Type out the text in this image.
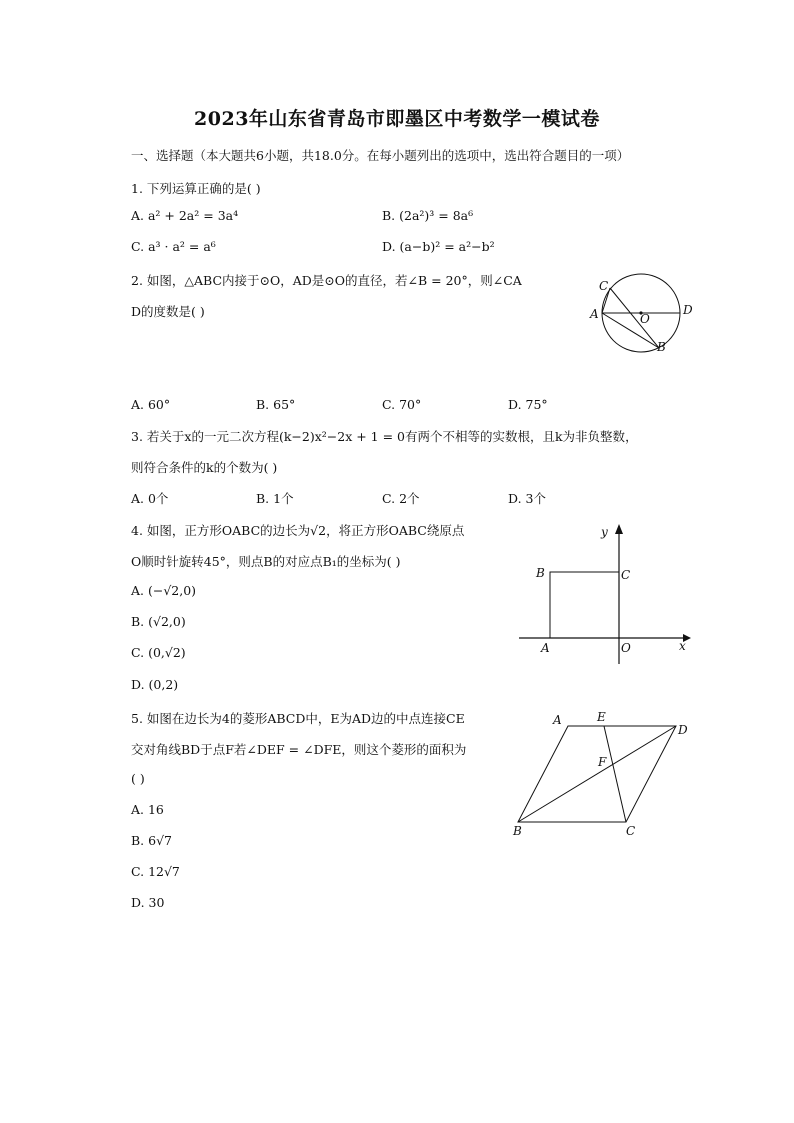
2023年山东省青岛市即墨区中考数学一模试卷
一、选择题（本大题共6小题，共18.0分。在每小题列出的选项中，选出符合题目的一项）
1. 下列运算正确的是( )
A. a² + 2a² = 3a⁴	B. (2a²)³ = 8a⁶
C. a³ · a² = a⁶	D. (a−b)² = a²−b²
2. 如图，△ABC内接于⊙O，AD是⊙O的直径，若∠B = 20°，则∠CA
D的度数是( )
C
A	O
D
B
A. 60°	B. 65°	C. 70°	D. 75°
3. 若关于x的一元二次方程(k−2)x²−2x + 1 = 0有两个不相等的实数根，且k为非负整数，
则符合条件的k的个数为( )
A. 0个	B. 1个	C. 2个	D. 3个
4. 如图，正方形OABC的边长为√2，将正方形OABC绕原点
O顺时针旋转45°，则点B的对应点B₁的坐标为( )
A. (−√2,0)
B. (√2,0)
C. (0,√2)
D. (0,2)
y
B	C
A	O	x
5. 如图在边长为4的菱形ABCD中，E为AD边的中点连接CE
交对角线BD于点F若∠DEF = ∠DFE，则这个菱形的面积为
( )
A. 16
B. 6√7
C. 12√7
D. 30
A	E
D
F
B	C
